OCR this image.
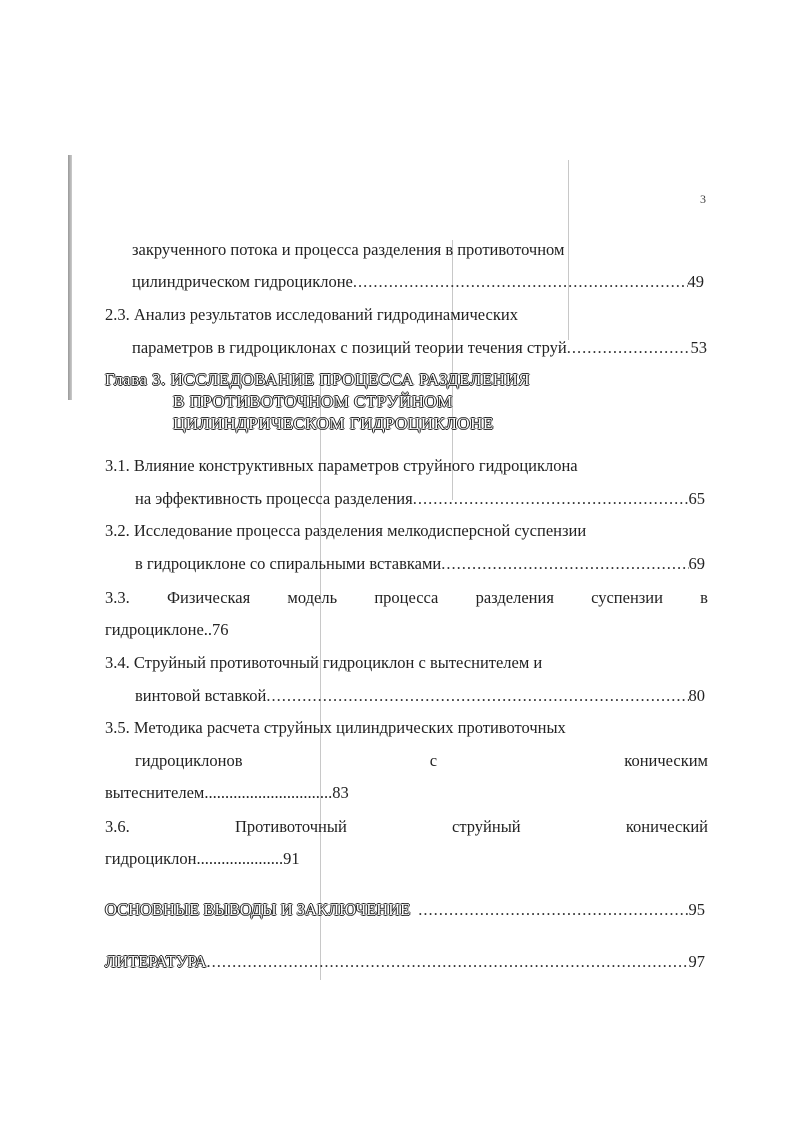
3
закрученного потока и процесса разделения в противоточном
цилиндрическом гидроциклоне .....	49
2.3. Анализ результатов исследований гидродинамических
параметров в гидроциклонах с позиций теории течения струй .....	53
Глава 3. ИССЛЕДОВАНИЕ ПРОЦЕССА РАЗДЕЛЕНИЯ
В ПРОТИВОТОЧНОМ СТРУЙНОМ
ЦИЛИНДРИЧЕСКОМ ГИДРОЦИКЛОНЕ
3.1. Влияние конструктивных параметров струйного гидроциклона
на эффективность процесса разделения .....	65
3.2. Исследование процесса разделения мелкодисперсной суспензии
в гидроциклоне со спиральными вставками .....	69
3.3. Физическая модель процесса разделения суспензии в
гидроциклоне..76
3.4. Струйный противоточный гидроциклон с вытеснителем и
винтовой вставкой .....	80
3.5. Методика расчета струйных цилиндрических противоточных
гидроциклонов	с	коническим
вытеснителем...............................83
3.6.	Противоточный	струйный	конический
гидроциклон.....................91
ОСНОВНЫЕ ВЫВОДЫ И ЗАКЛЮЧЕНИЕ .....	95
ЛИТЕРАТУРА .....	97
